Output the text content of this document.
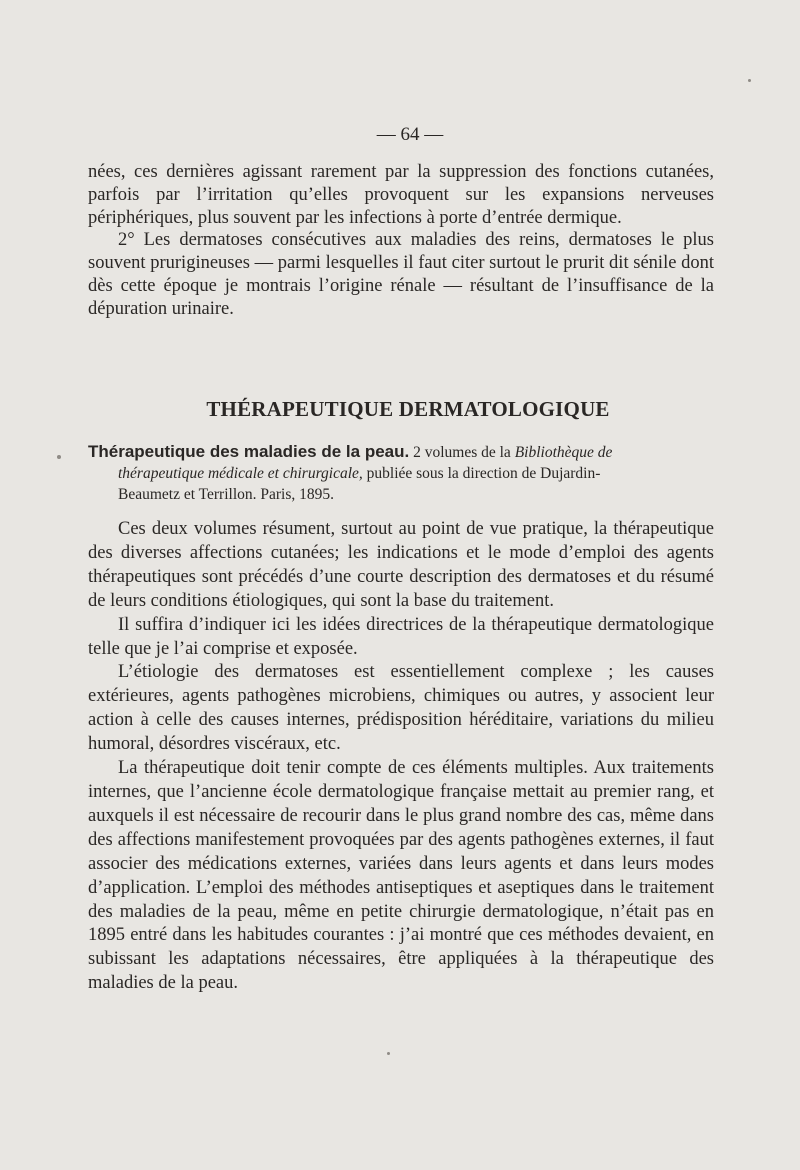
— 64 —

nées, ces dernières agissant rarement par la suppression des fonctions cutanées, parfois par l’irritation qu’elles provoquent sur les expansions nerveuses périphériques, plus souvent par les infections à porte d’entrée dermique.

2° Les dermatoses consécutives aux maladies des reins, dermatoses le plus souvent prurigineuses — parmi lesquelles il faut citer surtout le prurit dit sénile dont dès cette époque je montrais l’origine rénale — résultant de l’insuffisance de la dépuration urinaire.

THÉRAPEUTIQUE DERMATOLOGIQUE
Thérapeutique des maladies de la peau. 2 volumes de la Bibliothèque de
thérapeutique médicale et chirurgicale, publiée sous la direction de Dujardin-
Beaumetz et Terrillon. Paris, 1895.

Ces deux volumes résument, surtout au point de vue pratique, la thérapeutique des diverses affections cutanées; les indications et le mode d’emploi des agents thérapeutiques sont précédés d’une courte description des dermatoses et du résumé de leurs conditions étiologiques, qui sont la base du traitement.

Il suffira d’indiquer ici les idées directrices de la thérapeutique dermatologique telle que je l’ai comprise et exposée.

L’étiologie des dermatoses est essentiellement complexe ; les causes extérieures, agents pathogènes microbiens, chimiques ou autres, y associent leur action à celle des causes internes, prédisposition héréditaire, variations du milieu humoral, désordres viscéraux, etc.

La thérapeutique doit tenir compte de ces éléments multiples. Aux traitements internes, que l’ancienne école dermatologique française mettait au premier rang, et auxquels il est nécessaire de recourir dans le plus grand nombre des cas, même dans des affections manifestement provoquées par des agents pathogènes externes, il faut associer des médications externes, variées dans leurs agents et dans leurs modes d’application. L’emploi des méthodes antiseptiques et aseptiques dans le traitement des maladies de la peau, même en petite chirurgie dermatologique, n’était pas en 1895 entré dans les habitudes courantes : j’ai montré que ces méthodes devaient, en subissant les adaptations nécessaires, être appliquées à la thérapeutique des maladies de la peau.
